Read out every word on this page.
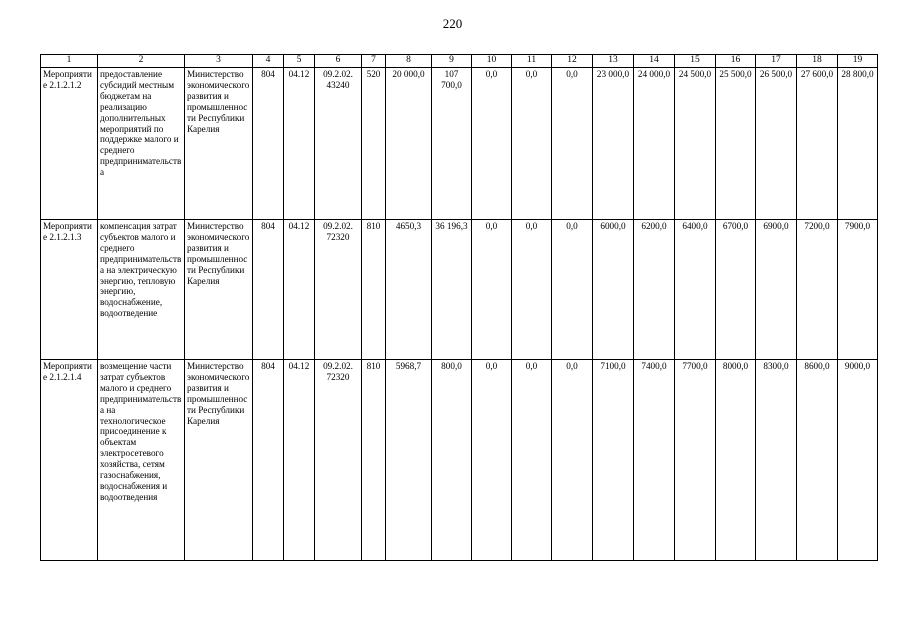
220
1	2	3	4	5	6	7	8	9	10	11	12	13	14	15	16	17	18	19
Мероприятие 2.1.2.1.2	предоставление субсидий местным бюджетам на реализацию дополнительных мероприятий по поддержке малого и среднего предпринимательства	Министерство экономического развития и промышленности Республики Карелия	804	04.12	09.2.02. 43240	520	20 000,0	107 700,0	0,0	0,0	0,0	23 000,0	24 000,0	24 500,0	25 500,0	26 500,0	27 600,0	28 800,0
Мероприятие 2.1.2.1.3	компенсация затрат субъектов малого и среднего предпринимательства на электрическую энергию, тепловую энергию, водоснабжение, водоотведение	Министерство экономического развития и промышленности Республики Карелия	804	04.12	09.2.02. 72320	810	4650,3	36 196,3	0,0	0,0	0,0	6000,0	6200,0	6400,0	6700,0	6900,0	7200,0	7900,0
Мероприятие 2.1.2.1.4	возмещение части затрат субъектов малого и среднего предпринимательства на технологическое присоединение к объектам электросетевого хозяйства, сетям газоснабжения, водоснабжения и водоотведения	Министерство экономического развития и промышленности Республики Карелия	804	04.12	09.2.02. 72320	810	5968,7	800,0	0,0	0,0	0,0	7100,0	7400,0	7700,0	8000,0	8300,0	8600,0	9000,0
